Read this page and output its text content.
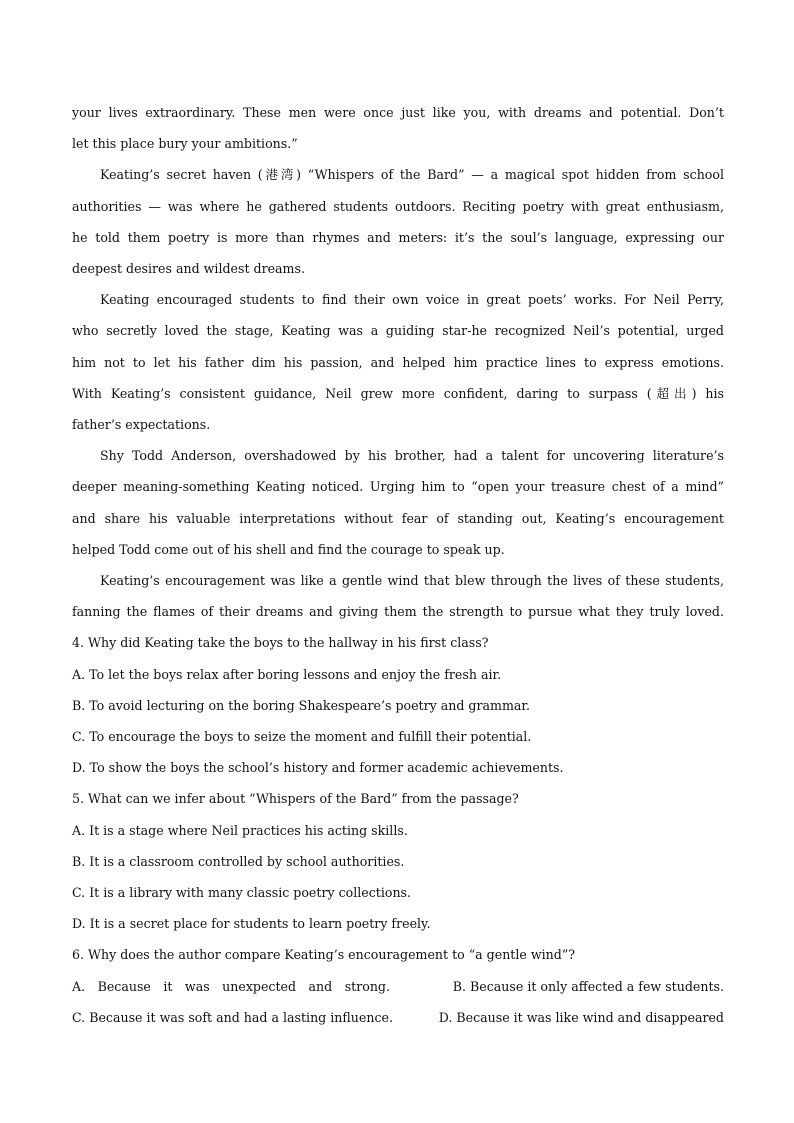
your lives extraordinary. These men were once just like you, with dreams and potential. Don’t
let this place bury your ambitions.”
Keating’s secret haven (港湾) “Whispers of the Bard” — a magical spot hidden from school
authorities — was where he gathered students outdoors. Reciting poetry with great enthusiasm,
he told them poetry is more than rhymes and meters: it’s the soul’s language, expressing our
deepest desires and wildest dreams.
Keating encouraged students to find their own voice in great poets’ works. For Neil Perry,
who secretly loved the stage, Keating was a guiding star-he recognized Neil’s potential, urged
him not to let his father dim his passion, and helped him practice lines to express emotions.
With Keating’s consistent guidance, Neil grew more confident, daring to surpass (超出) his
father’s expectations.
Shy Todd Anderson, overshadowed by his brother, had a talent for uncovering literature’s
deeper meaning-something Keating noticed. Urging him to “open your treasure chest of a mind”
and share his valuable interpretations without fear of standing out, Keating’s encouragement
helped Todd come out of his shell and find the courage to speak up.
Keating’s encouragement was like a gentle wind that blew through the lives of these students,
fanning the flames of their dreams and giving them the strength to pursue what they truly loved.
4. Why did Keating take the boys to the hallway in his first class?
A. To let the boys relax after boring lessons and enjoy the fresh air.
B. To avoid lecturing on the boring Shakespeare’s poetry and grammar.
C. To encourage the boys to seize the moment and fulfill their potential.
D. To show the boys the school’s history and former academic achievements.
5. What can we infer about “Whispers of the Bard” from the passage?
A. It is a stage where Neil practices his acting skills.
B. It is a classroom controlled by school authorities.
C. It is a library with many classic poetry collections.
D. It is a secret place for students to learn poetry freely.
6. Why does the author compare Keating’s encouragement to “a gentle wind”?
A. Because it was unexpected and strong.	B. Because it only affected a few students.
C. Because it was soft and had a lasting influence.	D. Because it was like wind and disappeared
